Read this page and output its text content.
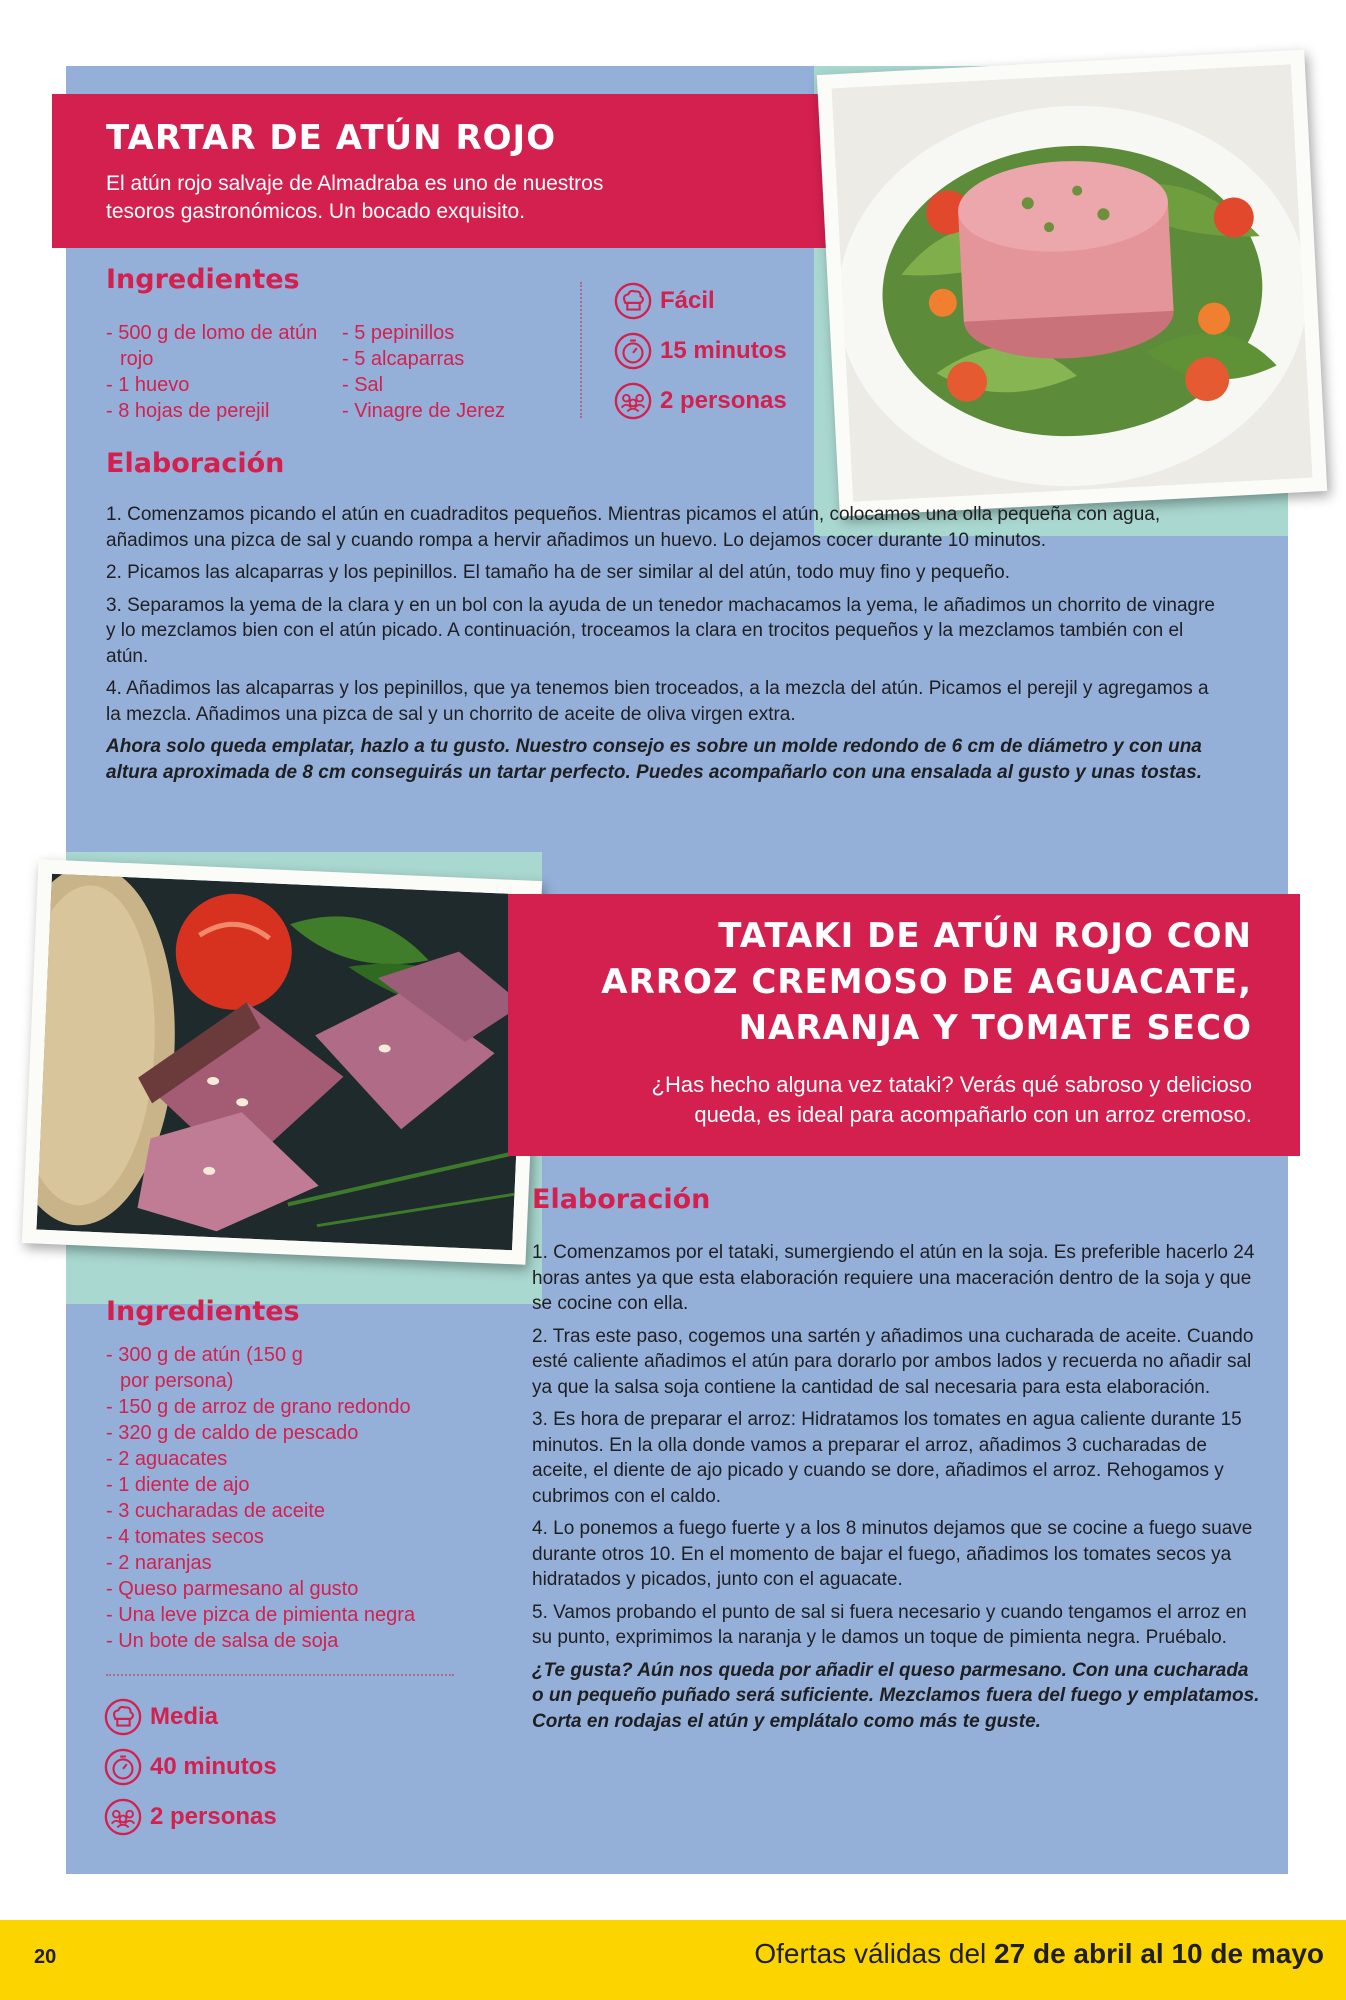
TARTAR DE ATÚN ROJO

El atún rojo salvaje de Almadraba es uno de nuestros

tesoros gastronómicos. Un bocado exquisito.

Ingredientes
- 500 g de lomo de atún rojo
- 1 huevo
- 8 hojas de perejil
- 5 pepinillos
- 5 alcaparras
- Sal
- Vinagre de Jerez
Fácil
15 minutos
2 personas
Elaboración

1. Comenzamos picando el atún en cuadraditos pequeños. Mientras picamos el atún, colocamos una olla pequeña con agua, añadimos una pizca de sal y cuando rompa a hervir añadimos un huevo. Lo dejamos cocer durante 10 minutos.

2. Picamos las alcaparras y los pepinillos. El tamaño ha de ser similar al del atún, todo muy fino y pequeño.

3. Separamos la yema de la clara y en un bol con la ayuda de un tenedor machacamos la yema, le añadimos un chorrito de vinagre y lo mezclamos bien con el atún picado. A continuación, troceamos la clara en trocitos pequeños y la mezclamos también con el atún.

4. Añadimos las alcaparras y los pepinillos, que ya tenemos bien troceados, a la mezcla del atún. Picamos el perejil y agregamos a la mezcla. Añadimos una pizca de sal y un chorrito de aceite de oliva virgen extra.

Ahora solo queda emplatar, hazlo a tu gusto. Nuestro consejo es sobre un molde redondo de 6 cm de diámetro y con una altura aproximada de 8 cm conseguirás un tartar perfecto. Puedes acompañarlo con una ensalada al gusto y unas tostas.

TATAKI DE ATÚN ROJO CON
ARROZ CREMOSO DE AGUACATE,
NARANJA Y TOMATE SECO

¿Has hecho alguna vez tataki? Verás qué sabroso y delicioso

queda, es ideal para acompañarlo con un arroz cremoso.

Elaboración

1. Comenzamos por el tataki, sumergiendo el atún en la soja. Es preferible hacerlo 24 horas antes ya que esta elaboración requiere una maceración dentro de la soja y que se cocine con ella.

2. Tras este paso, cogemos una sartén y añadimos una cucharada de aceite. Cuando esté caliente añadimos el atún para dorarlo por ambos lados y recuerda no añadir sal ya que la salsa soja contiene la cantidad de sal necesaria para esta elaboración.

3. Es hora de preparar el arroz: Hidratamos los tomates en agua caliente durante 15 minutos. En la olla donde vamos a preparar el arroz, añadimos 3 cucharadas de aceite, el diente de ajo picado y cuando se dore, añadimos el arroz. Rehogamos y cubrimos con el caldo.

4. Lo ponemos a fuego fuerte y a los 8 minutos dejamos que se cocine a fuego suave durante otros 10. En el momento de bajar el fuego, añadimos los tomates secos ya hidratados y picados, junto con el aguacate.

5. Vamos probando el punto de sal si fuera necesario y cuando tengamos el arroz en su punto, exprimimos la naranja y le damos un toque de pimienta negra. Pruébalo.

¿Te gusta? Aún nos queda por añadir el queso parmesano. Con una cucharada o un pequeño puñado será suficiente. Mezclamos fuera del fuego y emplatamos. Corta en rodajas el atún y emplátalo como más te guste.

Ingredientes
- 300 g de atún (150 g por persona)
- 150 g de arroz de grano redondo
- 320 g de caldo de pescado
- 2 aguacates
- 1 diente de ajo
- 3 cucharadas de aceite
- 4 tomates secos
- 2 naranjas
- Queso parmesano al gusto
- Una leve pizca de pimienta negra
- Un bote de salsa de soja
Media
40 minutos
2 personas
20	Ofertas válidas del 27 de abril al 10 de mayo
